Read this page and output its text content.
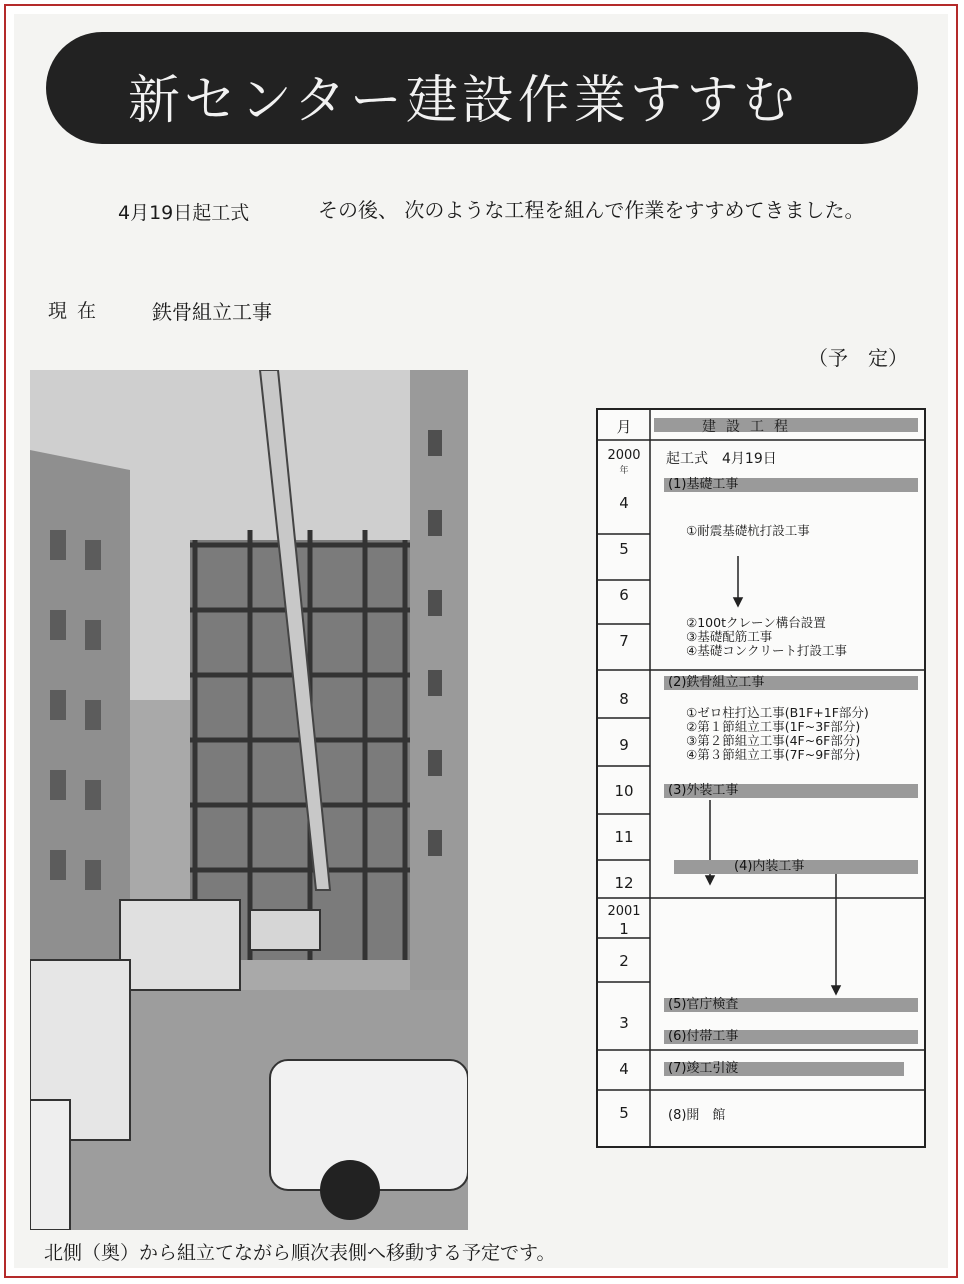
新センター建設作業すすむ
4月19日起工式	その後、 次のような工程を組んで作業をすすめてきました。
現在 鉄骨組立工事
（予　定）
月	建設工程
2000
年
4
5
6
7
8
9
10
11
12
2001
1
2
3
4
5
起工式　4月19日
(1)基礎工事
①耐震基礎杭打設工事
②100tクレーン構台設置
③基礎配筋工事
④基礎コンクリート打設工事
(2)鉄骨組立工事
①ゼロ柱打込工事(B1F+1F部分)
②第１節組立工事(1F~3F部分)
③第２節組立工事(4F~6F部分)
④第３節組立工事(7F~9F部分)
(3)外装工事
(4)内装工事
(5)官庁検査
(6)付帯工事
(7)竣工引渡
(8)開　館
北側（奥）から組立てながら順次表側へ移動する予定です。
